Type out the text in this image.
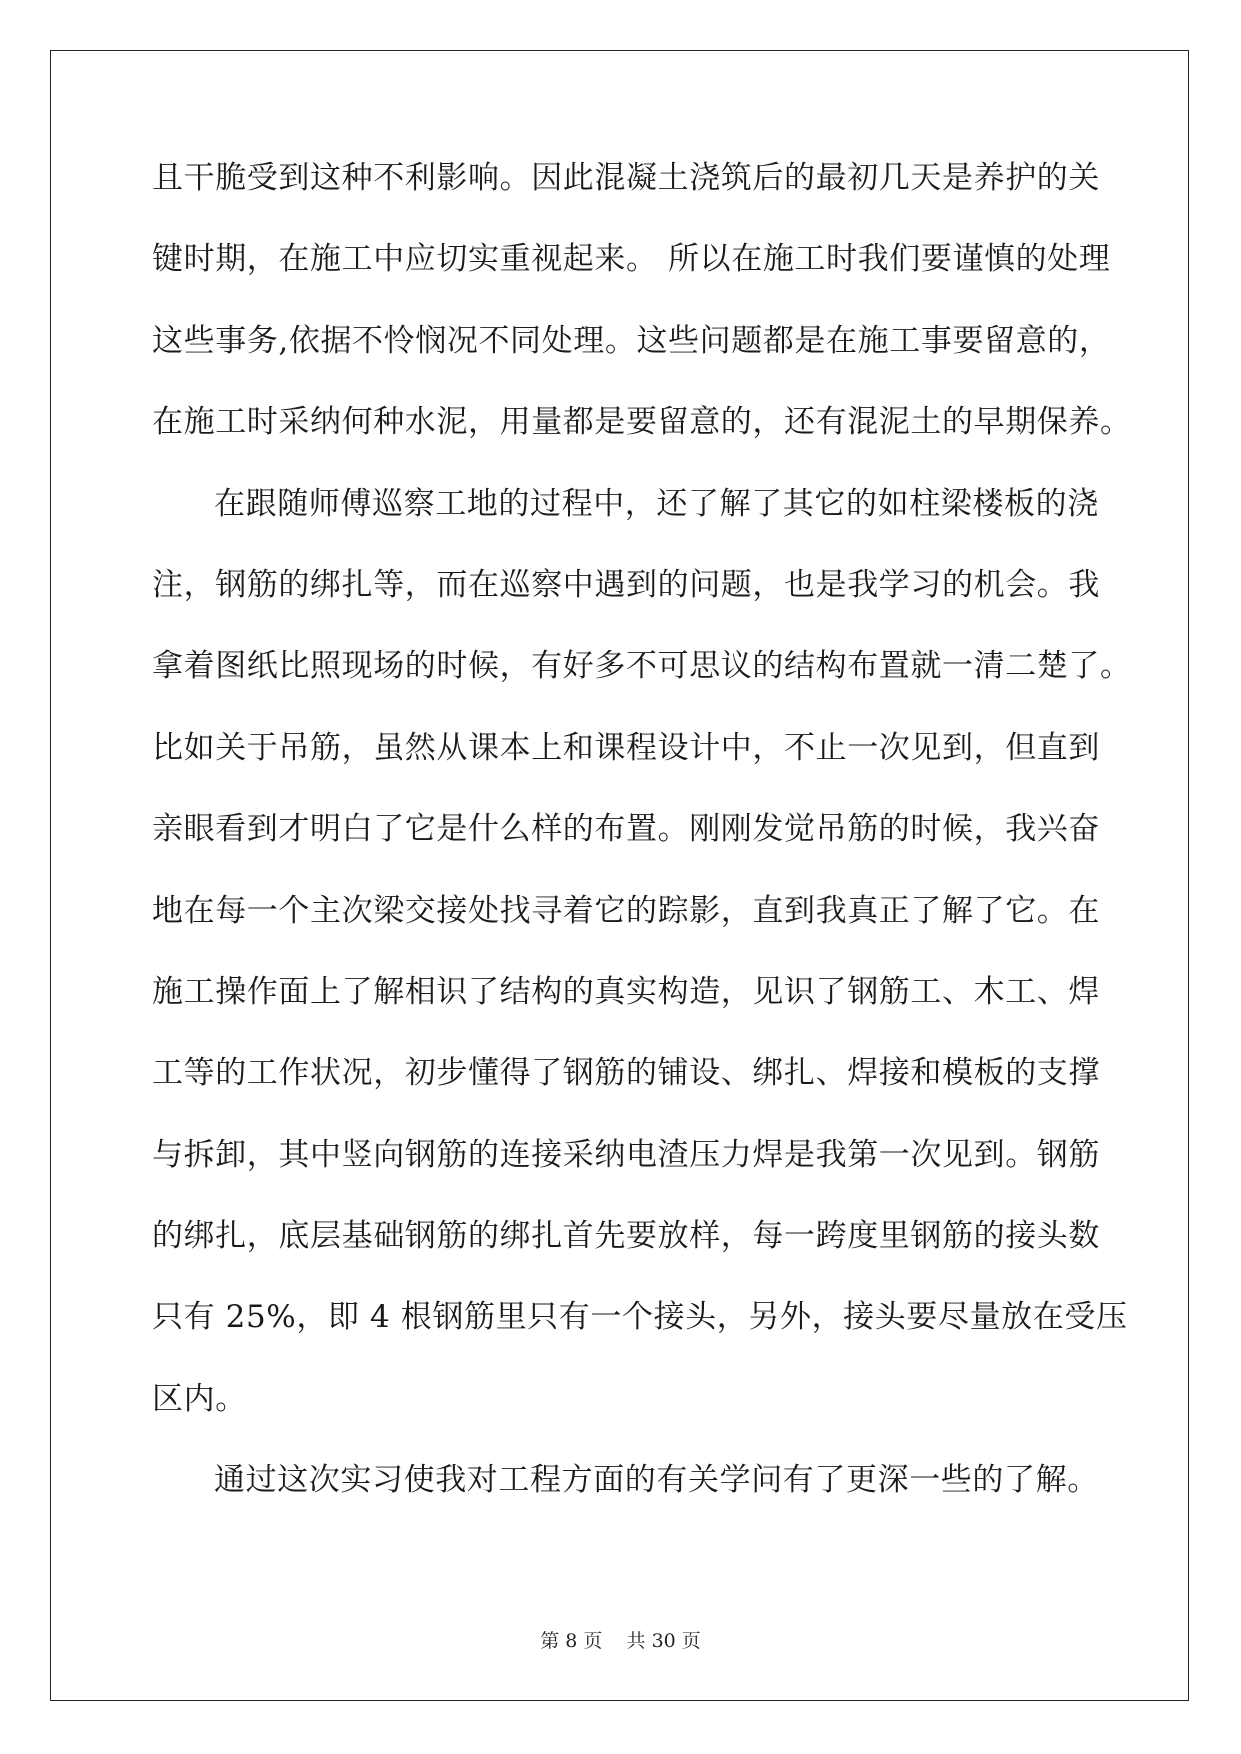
且干脆受到这种不利影响。因此混凝土浇筑后的最初几天是养护的关
键时期，在施工中应切实重视起来。 所以在施工时我们要谨慎的处理
这些事务,依据不怜悯况不同处理。这些问题都是在施工事要留意的，
在施工时采纳何种水泥，用量都是要留意的，还有混泥土的早期保养。
在跟随师傅巡察工地的过程中，还了解了其它的如柱梁楼板的浇
注，钢筋的绑扎等，而在巡察中遇到的问题，也是我学习的机会。我
拿着图纸比照现场的时候，有好多不可思议的结构布置就一清二楚了。
比如关于吊筋，虽然从课本上和课程设计中，不止一次见到，但直到
亲眼看到才明白了它是什么样的布置。刚刚发觉吊筋的时候，我兴奋
地在每一个主次梁交接处找寻着它的踪影，直到我真正了解了它。在
施工操作面上了解相识了结构的真实构造，见识了钢筋工、木工、焊
工等的工作状况，初步懂得了钢筋的铺设、绑扎、焊接和模板的支撑
与拆卸，其中竖向钢筋的连接采纳电渣压力焊是我第一次见到。钢筋
的绑扎，底层基础钢筋的绑扎首先要放样，每一跨度里钢筋的接头数
只有 25%，即 4 根钢筋里只有一个接头，另外，接头要尽量放在受压
区内。
通过这次实习使我对工程方面的有关学问有了更深一些的了解。
第 8 页    共 30 页
